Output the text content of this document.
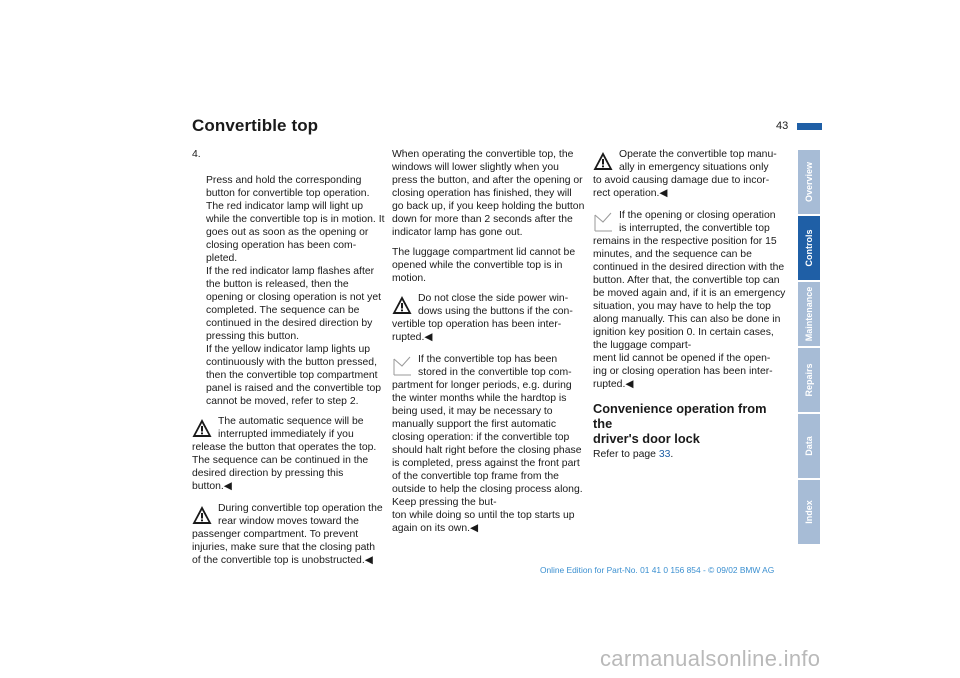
Convertible top	43

4.

Press and hold the corresponding button for convertible top operation. The red indicator lamp will light up while the convertible top is in motion. It goes out as soon as the opening or closing operation has been com-
pleted.
If the red indicator lamp flashes after the button is released, then the opening or closing operation is not yet completed. The sequence can be continued in the desired direction by pressing this button.
If the yellow indicator lamp lights up continuously with the button pressed, then the convertible top compartment panel is raised and the convertible top cannot be moved, refer to step 2.

The automatic sequence will be interrupted immediately if you
release the button that operates the top. The sequence can be continued in the desired direction by pressing this button.◀
During convertible top operation the rear window moves toward the
passenger compartment. To prevent injuries, make sure that the closing path of the convertible top is unobstructed.◀

When operating the convertible top, the windows will lower slightly when you press the button, and after the opening or closing operation has finished, they will go back up, if you keep holding the button down for more than 2 seconds after the indicator lamp has gone out.

The luggage compartment lid cannot be opened while the convertible top is in motion.

Do not close the side power win-
dows using the buttons if the con-
vertible top operation has been inter-
rupted.◀
If the convertible top has been
stored in the convertible top com-
partment for longer periods, e.g. during the winter months while the hardtop is being used, it may be necessary to manually support the first automatic closing operation: if the convertible top should halt right before the closing phase is completed, press against the front part of the convertible top frame from the outside to help the closing process along. Keep pressing the but-
ton while doing so until the top starts up again on its own.◀
Operate the convertible top manu-
ally in emergency situations only
to avoid causing damage due to incor-
rect operation.◀
If the opening or closing operation
is interrupted, the convertible top
remains in the respective position for 15 minutes, and the sequence can be continued in the desired direction with the button. After that, the convertible top can be moved again and, if it is an emergency situation, you may have to help the top along manually. This can also be done in ignition key position 0. In certain cases, the luggage compart-
ment lid cannot be opened if the open-
ing or closing operation has been inter-
rupted.◀
Convenience operation from the
driver's door lock

Refer to page 33.

Overview
Controls
Maintenance
Repairs
Data
Index
Online Edition for Part-No. 01 41 0 156 854 - © 09/02 BMW AG
carmanualsonline.info
